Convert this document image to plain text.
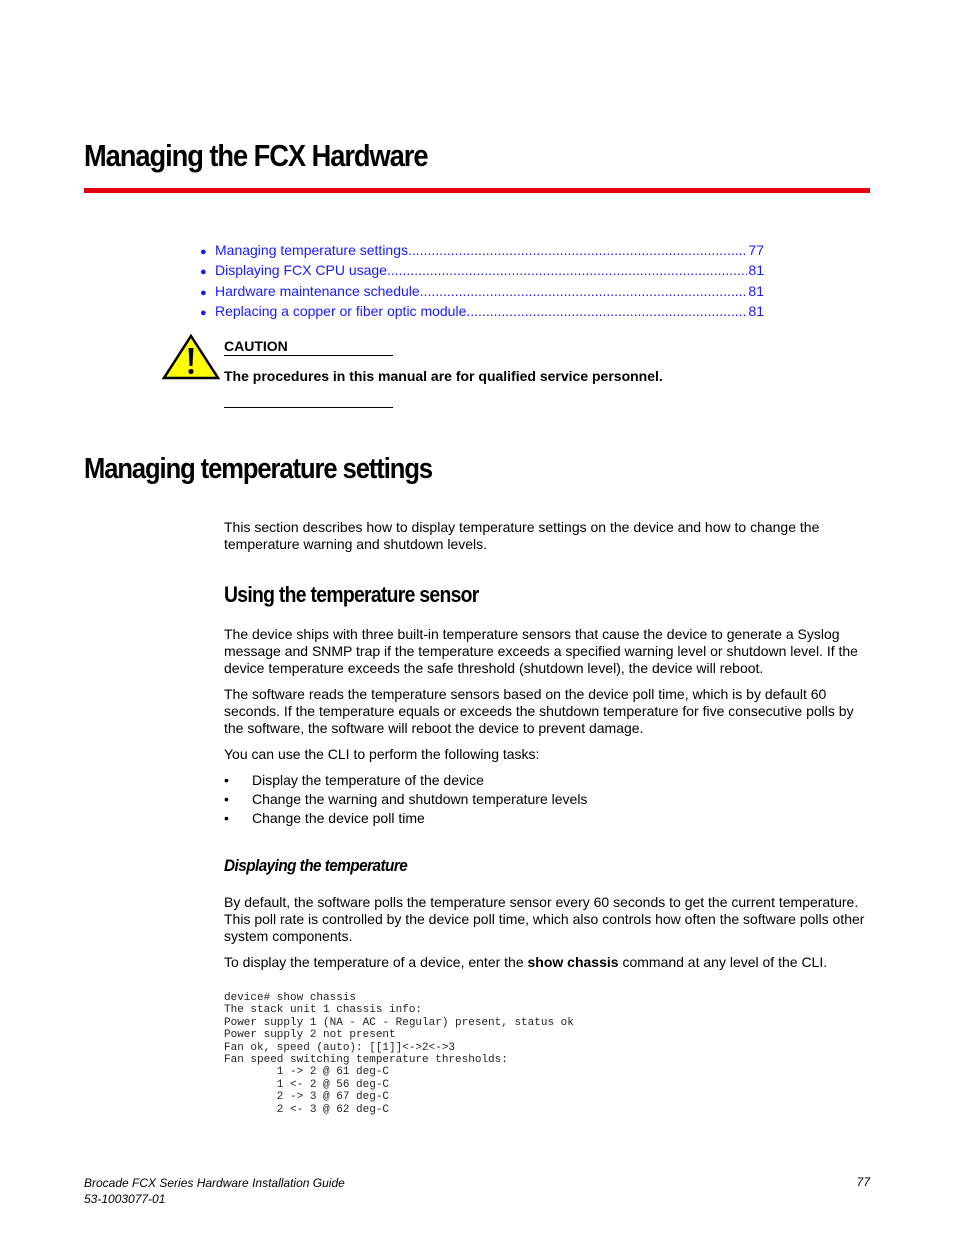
Managing the FCX Hardware
● Managing temperature settings .....	77
● Displaying FCX CPU usage .....	81
● Hardware maintenance schedule .....	81
● Replacing a copper or fiber optic module .....	81
CAUTION
The procedures in this manual are for qualified service personnel.
Managing temperature settings

This section describes how to display temperature settings on the device and how to change the temperature warning and shutdown levels.

Using the temperature sensor

The device ships with three built-in temperature sensors that cause the device to generate a Syslog message and SNMP trap if the temperature exceeds a specified warning level or shutdown level. If the device temperature exceeds the safe threshold (shutdown level), the device will reboot.

The software reads the temperature sensors based on the device poll time, which is by default 60 seconds. If the temperature equals or exceeds the shutdown temperature for five consecutive polls by the software, the software will reboot the device to prevent damage.

You can use the CLI to perform the following tasks:

•	Display the temperature of the device
•	Change the warning and shutdown temperature levels
•	Change the device poll time
Displaying the temperature

By default, the software polls the temperature sensor every 60 seconds to get the current temperature. This poll rate is controlled by the device poll time, which also controls how often the software polls other system components.

To display the temperature of a device, enter the show chassis command at any level of the CLI.

device# show chassis
The stack unit 1 chassis info:
Power supply 1 (NA - AC - Regular) present, status ok
Power supply 2 not present
Fan ok, speed (auto): [[1]]<->2<->3
Fan speed switching temperature thresholds:
1 -> 2 @ 61 deg-C
1 <- 2 @ 56 deg-C
2 -> 3 @ 67 deg-C
2 <- 3 @ 62 deg-C
Brocade FCX Series Hardware Installation Guide
53-1003077-01
77
